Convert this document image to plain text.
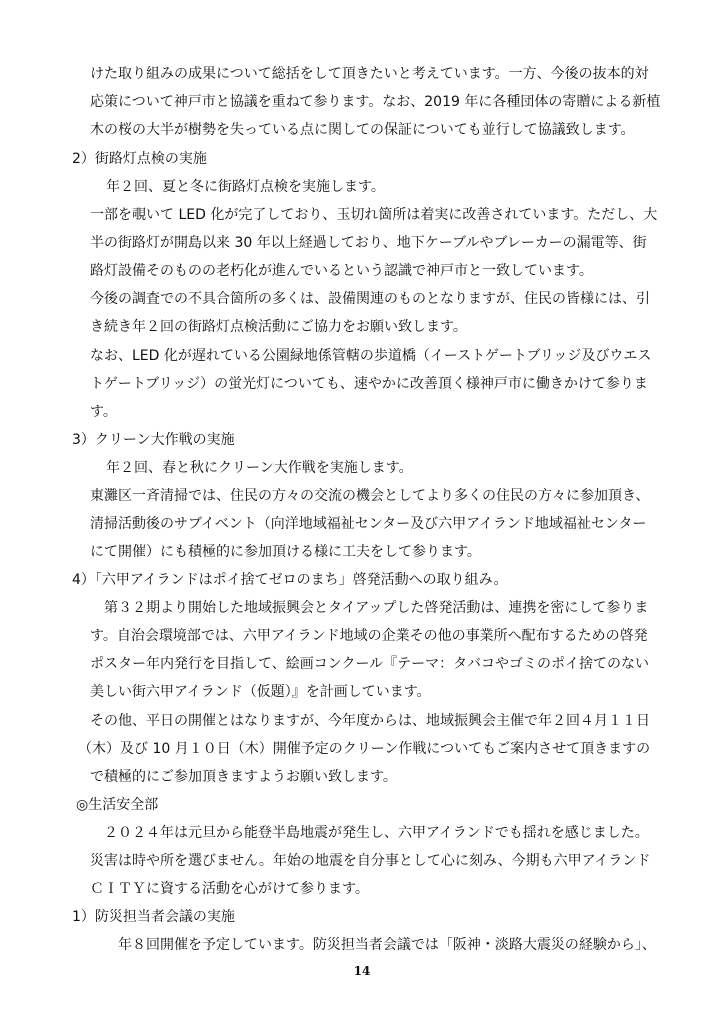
けた取り組みの成果について総括をして頂きたいと考えています。一方、今後の抜本的対
応策について神戸市と協議を重ねて参ります。なお、2019 年に各種団体の寄贈による新植
木の桜の大半が樹勢を失っている点に関しての保証についても並行して協議致します。
2）街路灯点検の実施
年２回、夏と冬に街路灯点検を実施します。
一部を覗いて LED 化が完了しており、玉切れ箇所は着実に改善されています。ただし、大
半の街路灯が開島以来 30 年以上経過しており、地下ケーブルやブレーカーの漏電等、街
路灯設備そのものの老朽化が進んでいるという認識で神戸市と一致しています。
今後の調査での不具合箇所の多くは、設備関連のものとなりますが、住民の皆様には、引
き続き年２回の街路灯点検活動にご協力をお願い致します。
なお、LED 化が遅れている公園緑地係管轄の歩道橋（イーストゲートブリッジ及びウエス
トゲートブリッジ）の蛍光灯についても、速やかに改善頂く様神戸市に働きかけて参りま
す。
3）クリーン大作戦の実施
年２回、春と秋にクリーン大作戦を実施します。
東灘区一斉清掃では、住民の方々の交流の機会としてより多くの住民の方々に参加頂き、
清掃活動後のサブイベント（向洋地域福祉センター及び六甲アイランド地域福祉センター
にて開催）にも積極的に参加頂ける様に工夫をして参ります。
4）「六甲アイランドはポイ捨てゼロのまち」啓発活動への取り組み。
第３２期より開始した地域振興会とタイアップした啓発活動は、連携を密にして参りま
す。自治会環境部では、六甲アイランド地域の企業その他の事業所へ配布するための啓発
ポスター年内発行を目指して、絵画コンクール『テーマ：タバコやゴミのポイ捨てのない
美しい街六甲アイランド（仮題）』を計画しています。
その他、平日の開催とはなりますが、今年度からは、地域振興会主催で年２回４月１１日
（木）及び 10 月１０日（木）開催予定のクリーン作戦についてもご案内させて頂きますの
で積極的にご参加頂きますようお願い致します。
◎生活安全部
２０２４年は元旦から能登半島地震が発生し、六甲アイランドでも揺れを感じました。
災害は時や所を選びません。年始の地震を自分事として心に刻み、今期も六甲アイランド
ＣＩＴＹに資する活動を心がけて参ります。
1）防災担当者会議の実施
年８回開催を予定しています。防災担当者会議では「阪神・淡路大震災の経験から」、
14
